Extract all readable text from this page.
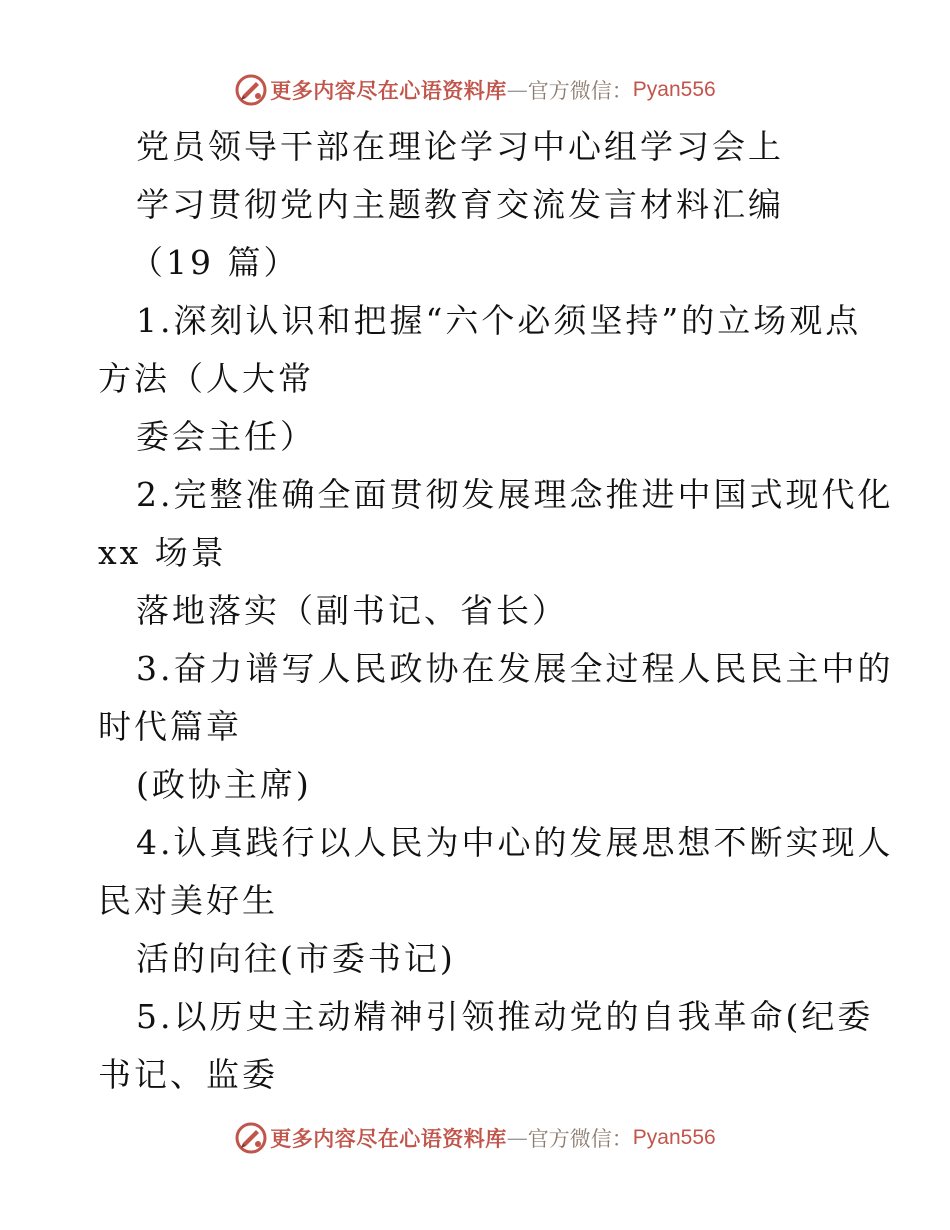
更多内容尽在心语资料库 — 官方微信： Pyan556
党员领导干部在理论学习中心组学习会上
学习贯彻党内主题教育交流发言材料汇编
（19 篇）
1.深刻认识和把握“六个必须坚持”的立场观点
方法（人大常
委会主任）
2.完整准确全面贯彻发展理念推进中国式现代化
xx 场景
落地落实（副书记、省长）
3.奋力谱写人民政协在发展全过程人民民主中的
时代篇章
(政协主席)
4.认真践行以人民为中心的发展思想不断实现人
民对美好生
活的向往(市委书记)
5.以历史主动精神引领推动党的自我革命(纪委
书记、监委
更多内容尽在心语资料库 — 官方微信： Pyan556
